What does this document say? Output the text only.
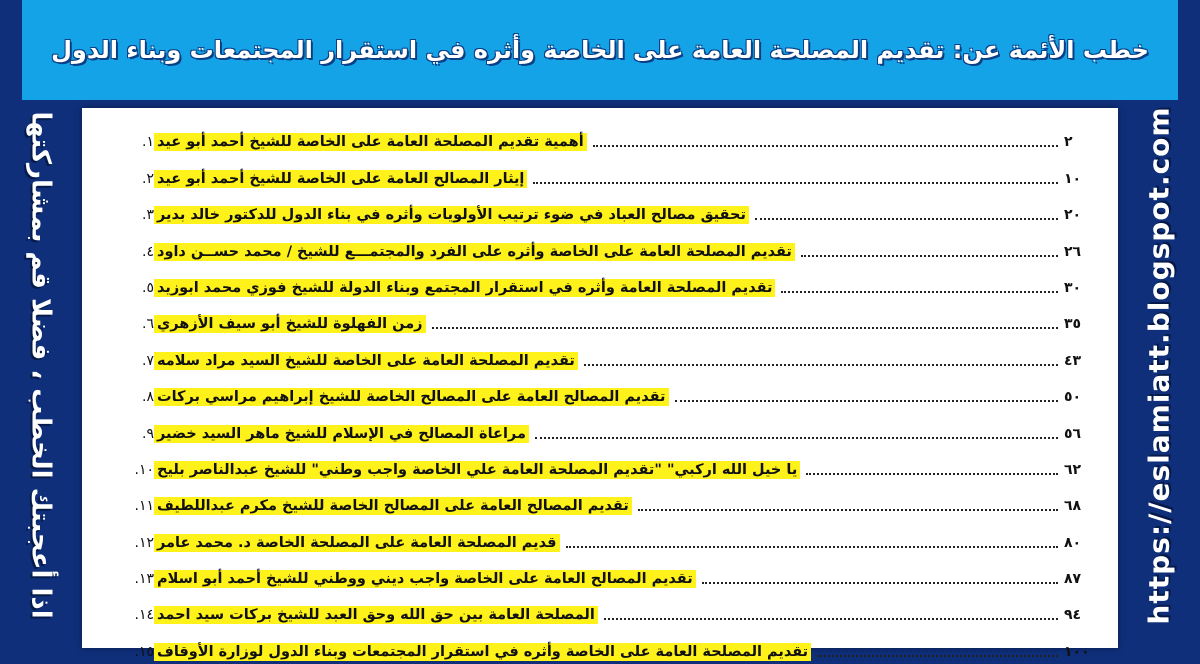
خطب الأئمة عن: تقديم المصلحة العامة على الخاصة وأثره في استقرار المجتمعات وبناء الدول
اذا أعجبتك الخطب ، فضلا قم بمشاركتها	https://eslamiatt.blogspot.com
١. أهمية تقديم المصلحة العامة على الخاصة للشيخ أحمد أبو عيد	٢
٢. إيثار المصالح العامة على الخاصة للشيخ أحمد أبو عيد	١٠
٣. تحقيق مصالح العباد في ضوء ترتيب الأولويات وأثره في بناء الدول للدكتور خالد بدير	٢٠
٤. تقديم المصلحة العامة على الخاصة وأثره على الفرد والمجتمـــع للشيخ / محمد حســن داود	٢٦
٥. تقديم المصلحة العامة وأثره في استقرار المجتمع وبناء الدولة للشيخ فوزي محمد ابوزيد	٣٠
٦. زمن الفهلوة للشيخ أبو سيف الأزهري	٣٥
٧. تقديم المصلحة العامة على الخاصة للشيخ السيد مراد سلامه	٤٣
٨. تقديم المصالح العامة على المصالح الخاصة للشيخ إبراهيم مراسي بركات	٥٠
٩. مراعاة المصالح في الإسلام للشيخ ماهر السيد خضير	٥٦
١٠. يا خيل الله اركبي" "تقديم المصلحة العامة علي الخاصة واجب وطني" للشيخ عبدالناصر بليح	٦٢
١١. تقديم المصالح العامة على المصالح الخاصة للشيخ مكرم عبداللطيف	٦٨
١٢. قديم المصلحة العامة على المصلحة الخاصة د. محمد عامر	٨٠
١٣. تقديم المصالح العامة على الخاصة واجب ديني ووطني للشيخ أحمد أبو اسلام	٨٧
١٤. المصلحة العامة بين حق الله وحق العبد للشيخ بركات سيد احمد	٩٤
١٥. تقديم المصلحة العامة على الخاصة وأثره في استقرار المجتمعات وبناء الدول لوزارة الأوقاف	١٠٠
